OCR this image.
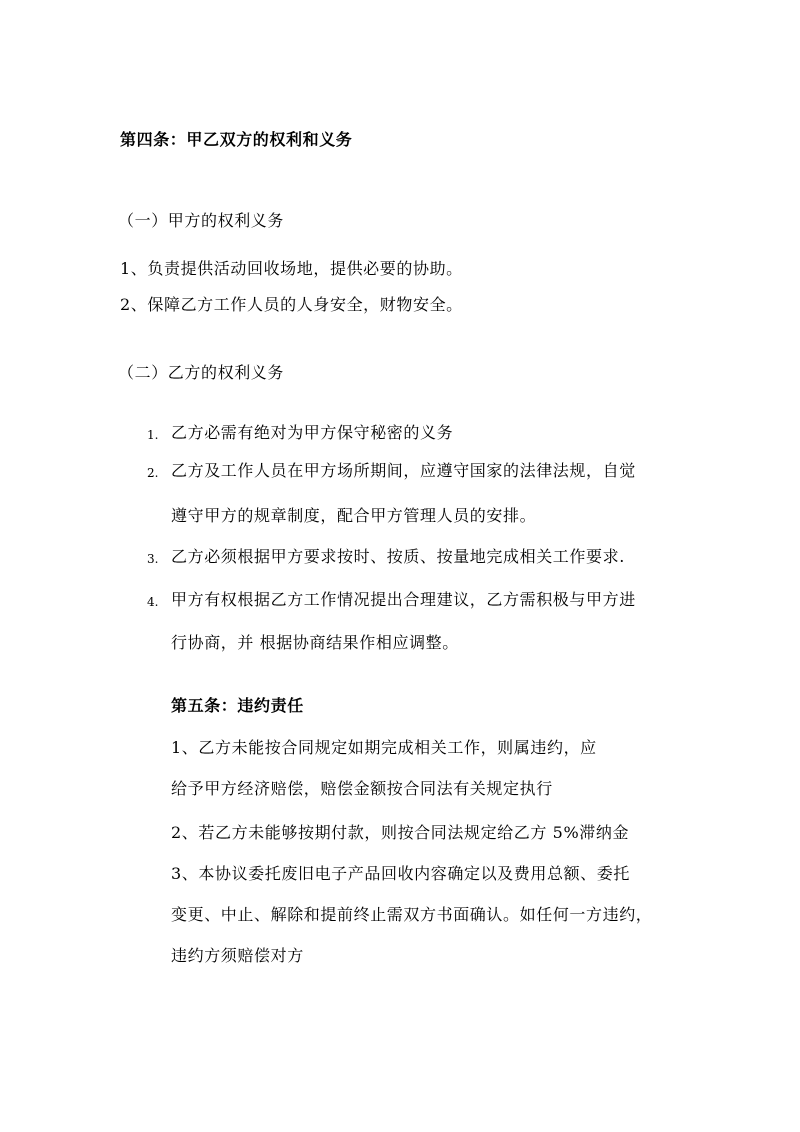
第四条：甲乙双方的权利和义务
（一）甲方的权利义务
1、负责提供活动回收场地，提供必要的协助。
2、保障乙方工作人员的人身安全，财物安全。
（二）乙方的权利义务
1. 乙方必需有绝对为甲方保守秘密的义务
2. 乙方及工作人员在甲方场所期间，应遵守国家的法律法规，自觉
遵守甲方的规章制度，配合甲方管理人员的安排。
3. 乙方必须根据甲方要求按时、按质、按量地完成相关工作要求.
4. 甲方有权根据乙方工作情况提出合理建议，乙方需积极与甲方进
行协商，并 根据协商结果作相应调整。
第五条：违约责任
1、乙方未能按合同规定如期完成相关工作，则属违约，应
给予甲方经济赔偿，赔偿金额按合同法有关规定执行
2、若乙方未能够按期付款，则按合同法规定给乙方 5%滞纳金
3、本协议委托废旧电子产品回收内容确定以及费用总额、委托
变更、中止、解除和提前终止需双方书面确认。如任何一方违约，
违约方须赔偿对方
